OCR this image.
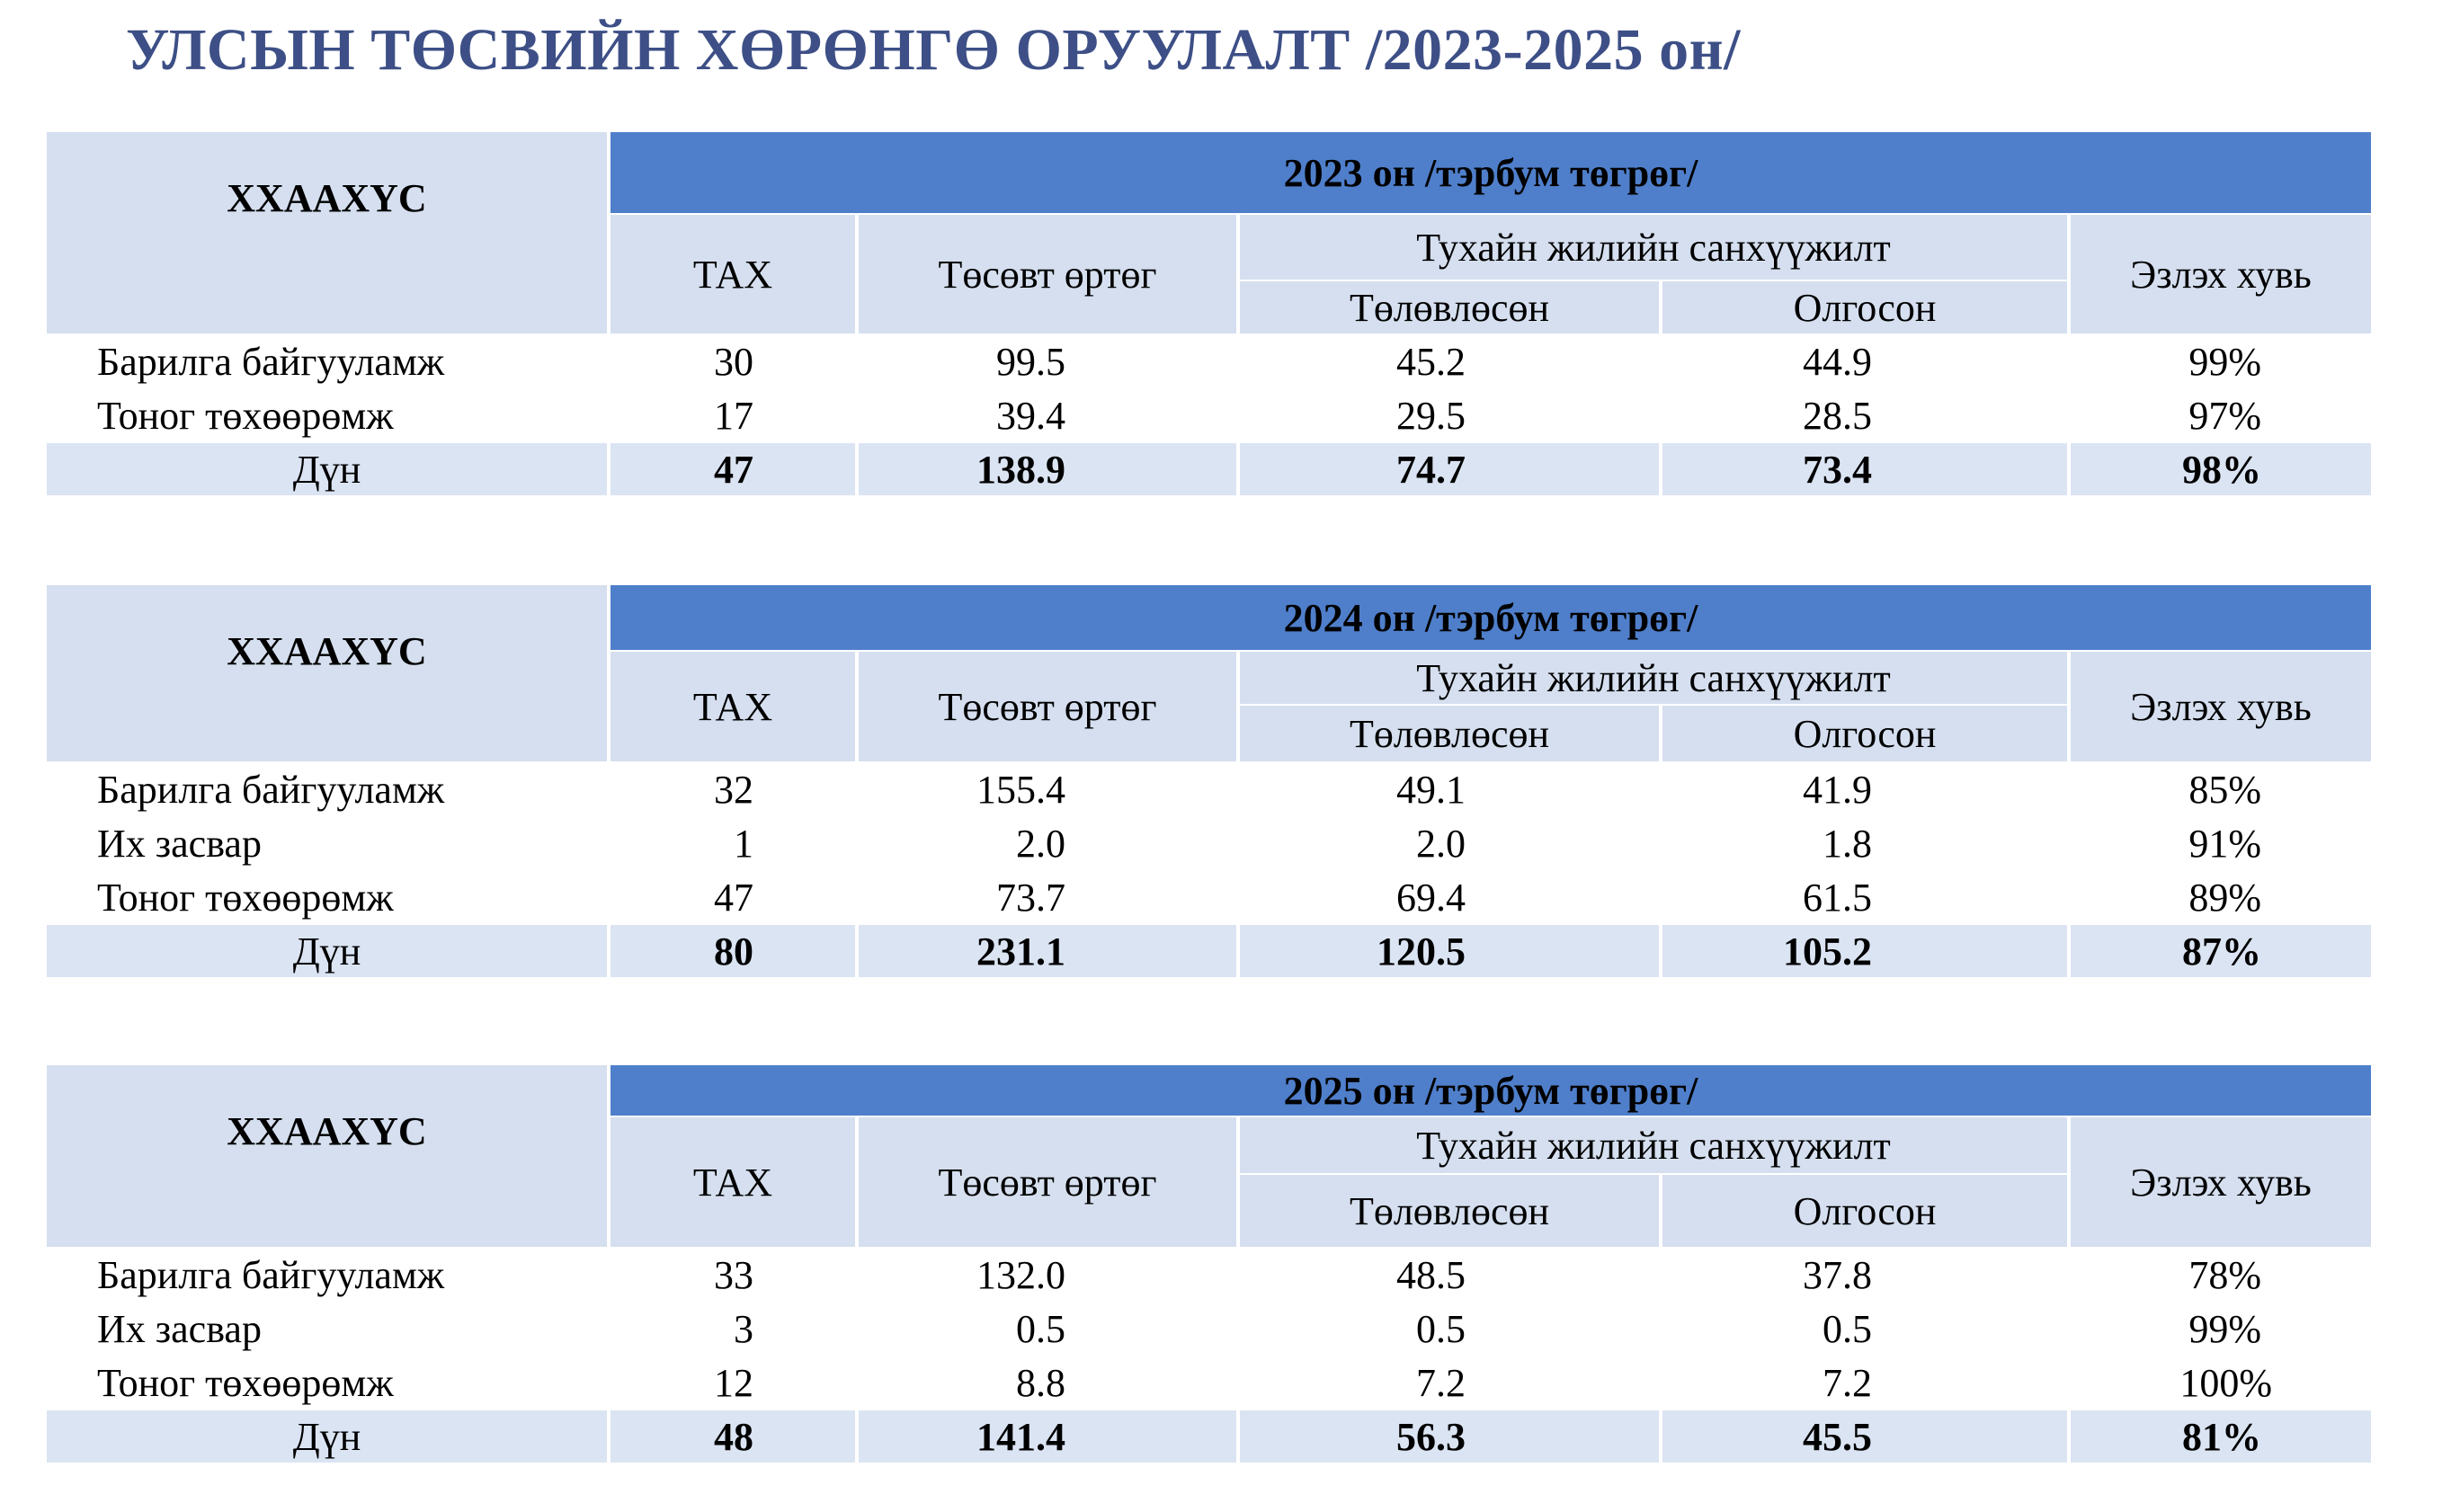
УЛСЫН ТӨСВИЙН ХӨРӨНГӨ ОРУУЛАЛТ /2023-2025 он/
ХХААХҮС	2023 он /тэрбум төгрөг/				
	ТАХ	Төсөвт өртөг	Тухайн жилийн санхүүжилт		Эзлэх хувь
			Төлөвлөсөн	Олгосон	
Барилга байгууламж	30	99.5	45.2	44.9	99%
Тоног төхөөрөмж	17	39.4	29.5	28.5	97%
Дүн	47	138.9	74.7	73.4	98%
ХХААХҮС	2024 он /тэрбум төгрөг/				
	ТАХ	Төсөвт өртөг	Тухайн жилийн санхүүжилт		Эзлэх хувь
			Төлөвлөсөн	Олгосон	
Барилга байгууламж	32	155.4	49.1	41.9	85%
Их засвар	1	2.0	2.0	1.8	91%
Тоног төхөөрөмж	47	73.7	69.4	61.5	89%
Дүн	80	231.1	120.5	105.2	87%
ХХААХҮС	2025 он /тэрбум төгрөг/				
	ТАХ	Төсөвт өртөг	Тухайн жилийн санхүүжилт		Эзлэх хувь
			Төлөвлөсөн	Олгосон	
Барилга байгууламж	33	132.0	48.5	37.8	78%
Их засвар	3	0.5	0.5	0.5	99%
Тоног төхөөрөмж	12	8.8	7.2	7.2	100%
Дүн	48	141.4	56.3	45.5	81%
